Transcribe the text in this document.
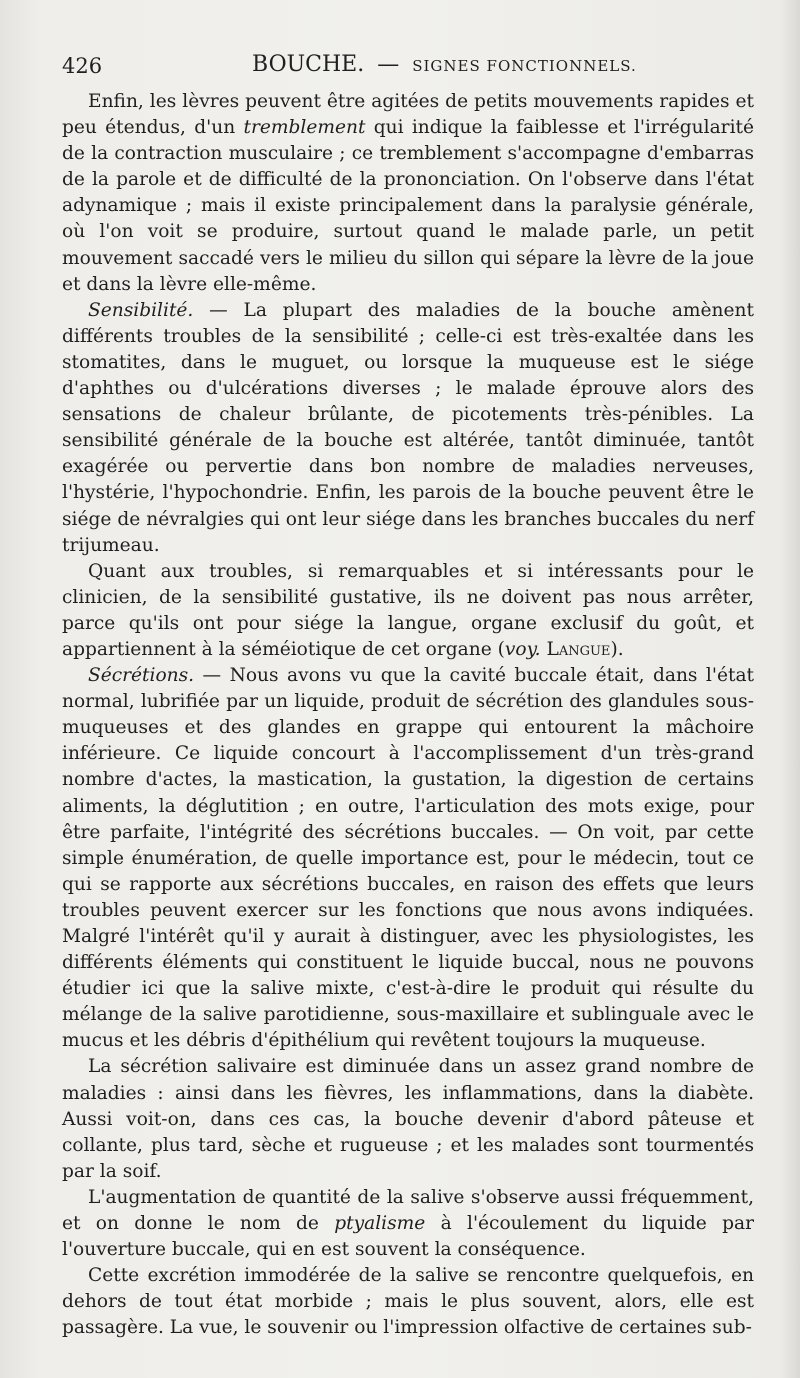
426	BOUCHE. — SIGNES FONCTIONNELS.

Enfin, les lèvres peuvent être agitées de petits mouvements rapides et peu étendus, d'un tremblement qui indique la faiblesse et l'irrégularité de la contraction musculaire ; ce tremblement s'accompagne d'embarras de la parole et de difficulté de la prononciation. On l'observe dans l'état adynamique ; mais il existe principalement dans la paralysie générale, où l'on voit se produire, surtout quand le malade parle, un petit mouvement saccadé vers le milieu du sillon qui sépare la lèvre de la joue et dans la lèvre elle-même.

Sensibilité. — La plupart des maladies de la bouche amènent différents troubles de la sensibilité ; celle-ci est très-exaltée dans les stomatites, dans le muguet, ou lorsque la muqueuse est le siége d'aphthes ou d'ulcérations diverses ; le malade éprouve alors des sensations de chaleur brûlante, de picotements très-pénibles. La sensibilité générale de la bouche est altérée, tantôt diminuée, tantôt exagérée ou pervertie dans bon nombre de maladies nerveuses, l'hystérie, l'hypochondrie. Enfin, les parois de la bouche peuvent être le siége de névralgies qui ont leur siége dans les branches buccales du nerf trijumeau.

Quant aux troubles, si remarquables et si intéressants pour le clinicien, de la sensibilité gustative, ils ne doivent pas nous arrêter, parce qu'ils ont pour siége la langue, organe exclusif du goût, et appartiennent à la séméiotique de cet organe (voy. Langue).

Sécrétions. — Nous avons vu que la cavité buccale était, dans l'état normal, lubrifiée par un liquide, produit de sécrétion des glandules sous-muqueuses et des glandes en grappe qui entourent la mâchoire inférieure. Ce liquide concourt à l'accomplissement d'un très-grand nombre d'actes, la mastication, la gustation, la digestion de certains aliments, la déglutition ; en outre, l'articulation des mots exige, pour être parfaite, l'intégrité des sécrétions buccales. — On voit, par cette simple énumération, de quelle importance est, pour le médecin, tout ce qui se rapporte aux sécrétions buccales, en raison des effets que leurs troubles peuvent exercer sur les fonctions que nous avons indiquées. Malgré l'intérêt qu'il y aurait à distinguer, avec les physiologistes, les différents éléments qui constituent le liquide buccal, nous ne pouvons étudier ici que la salive mixte, c'est-à-dire le produit qui résulte du mélange de la salive parotidienne, sous-maxillaire et sublinguale avec le mucus et les débris d'épithélium qui revêtent toujours la muqueuse.

La sécrétion salivaire est diminuée dans un assez grand nombre de maladies : ainsi dans les fièvres, les inflammations, dans la diabète. Aussi voit-on, dans ces cas, la bouche devenir d'abord pâteuse et collante, plus tard, sèche et rugueuse ; et les malades sont tourmentés par la soif.

L'augmentation de quantité de la salive s'observe aussi fréquemment, et on donne le nom de ptyalisme à l'écoulement du liquide par l'ouverture buccale, qui en est souvent la conséquence.

Cette excrétion immodérée de la salive se rencontre quelquefois, en dehors de tout état morbide ; mais le plus souvent, alors, elle est passagère. La vue, le souvenir ou l'impression olfactive de certaines sub-
